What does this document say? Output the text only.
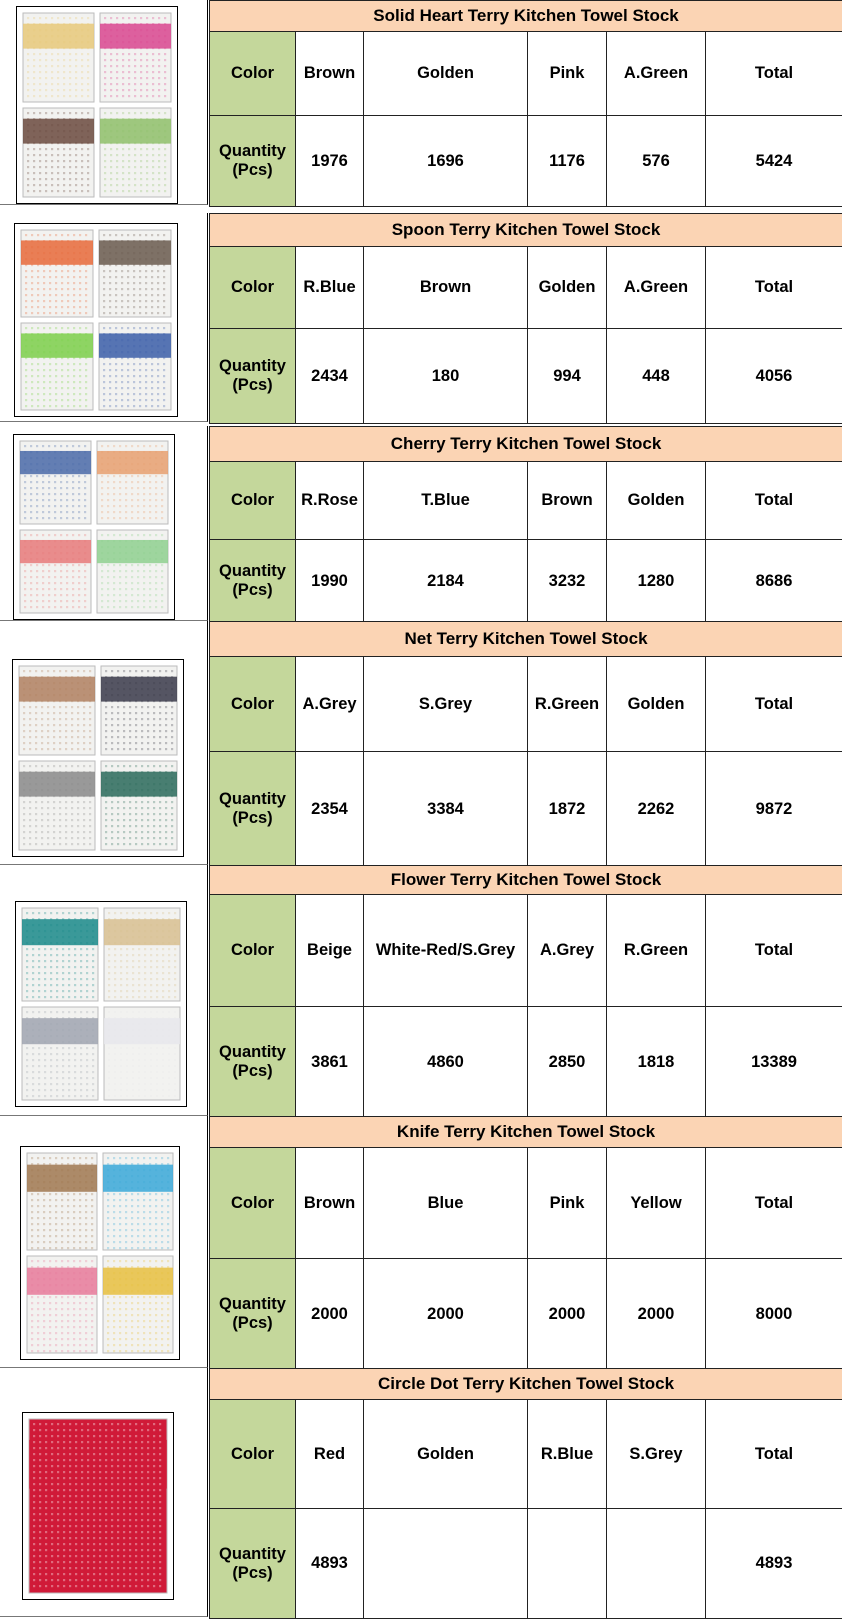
Solid Heart Terry Kitchen Towel Stock					
Color	Brown	Golden	Pink	A.Green	Total

Quantity
(Pcs)	1976	1696	1176	576	5424
Spoon Terry Kitchen Towel Stock					
Color	R.Blue	Brown	Golden	A.Green	Total

Quantity
(Pcs)	2434	180	994	448	4056
Cherry Terry Kitchen Towel Stock					
Color	R.Rose	T.Blue	Brown	Golden	Total

Quantity
(Pcs)	1990	2184	3232	1280	8686
Net Terry Kitchen Towel Stock					
Color	A.Grey	S.Grey	R.Green	Golden	Total

Quantity
(Pcs)	2354	3384	1872	2262	9872
Flower Terry Kitchen Towel Stock					
Color	Beige	White-Red/S.Grey	A.Grey	R.Green	Total

Quantity
(Pcs)	3861	4860	2850	1818	13389
Knife Terry Kitchen Towel Stock					
Color	Brown	Blue	Pink	Yellow	Total

Quantity
(Pcs)	2000	2000	2000	2000	8000
Circle Dot Terry Kitchen Towel Stock					
Color	Red	Golden	R.Blue	S.Grey	Total

Quantity
(Pcs)	4893				4893
